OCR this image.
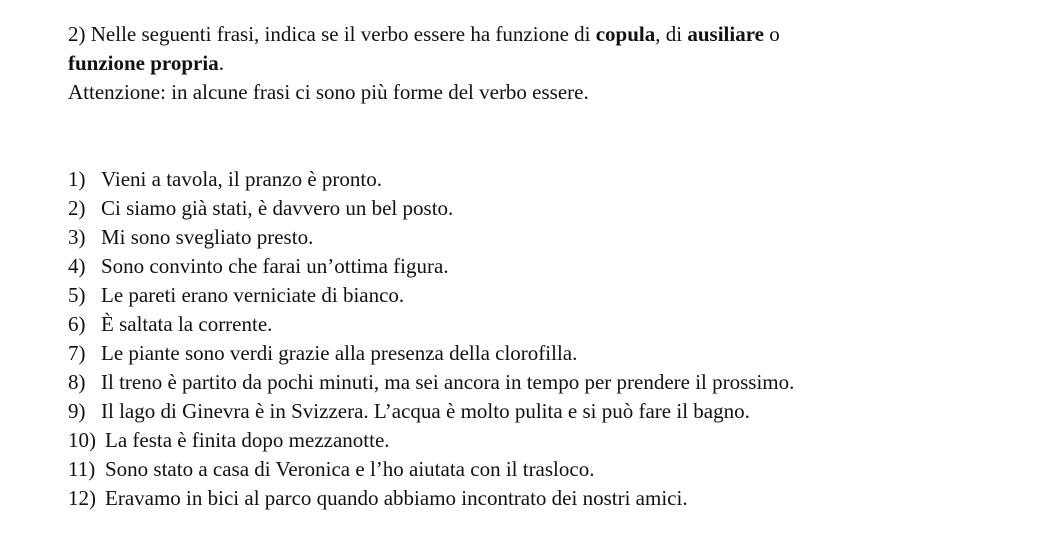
2) Nelle seguenti frasi, indica se il verbo essere ha funzione di copula, di ausiliare o
funzione propria.
Attenzione: in alcune frasi ci sono più forme del verbo essere.
1) Vieni a tavola, il pranzo è pronto.
2) Ci siamo già stati, è davvero un bel posto.
3) Mi sono svegliato presto.
4) Sono convinto che farai un’ottima figura.
5) Le pareti erano verniciate di bianco.
6) È saltata la corrente.
7) Le piante sono verdi grazie alla presenza della clorofilla.
8) Il treno è partito da pochi minuti, ma sei ancora in tempo per prendere il prossimo.
9) Il lago di Ginevra è in Svizzera. L’acqua è molto pulita e si può fare il bagno.
10) La festa è finita dopo mezzanotte.
11) Sono stato a casa di Veronica e l’ho aiutata con il trasloco.
12) Eravamo in bici al parco quando abbiamo incontrato dei nostri amici.
